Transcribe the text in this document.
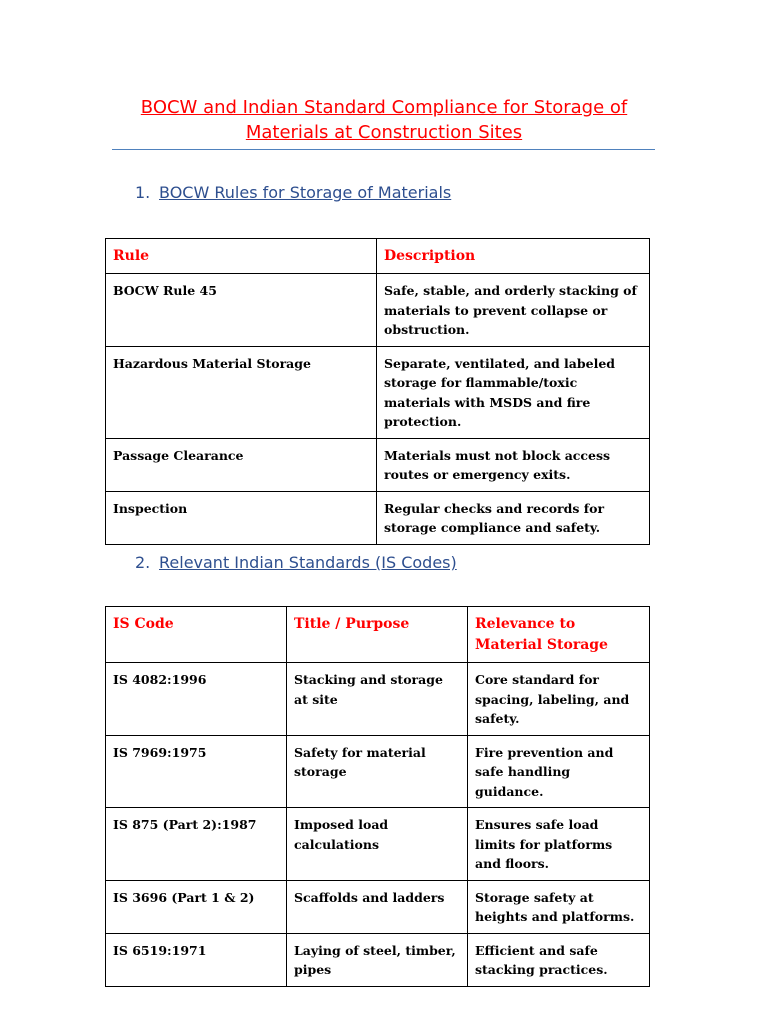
BOCW and Indian Standard Compliance for Storage of Materials at Construction Sites
1. BOCW Rules for Storage of Materials
Rule	Description
BOCW Rule 45	Safe, stable, and orderly stacking of materials to prevent collapse or obstruction.
Hazardous Material Storage	Separate, ventilated, and labeled storage for flammable/toxic materials with MSDS and fire protection.
Passage Clearance	Materials must not block access routes or emergency exits.
Inspection	Regular checks and records for storage compliance and safety.
2. Relevant Indian Standards (IS Codes)
IS Code	Title / Purpose	Relevance to Material Storage
IS 4082:1996	Stacking and storage at site	Core standard for spacing, labeling, and safety.
IS 7969:1975	Safety for material storage	Fire prevention and safe handling guidance.
IS 875 (Part 2):1987	Imposed load calculations	Ensures safe load limits for platforms and floors.
IS 3696 (Part 1 & 2)	Scaffolds and ladders	Storage safety at heights and platforms.
IS 6519:1971	Laying of steel, timber, pipes	Efficient and safe stacking practices.
